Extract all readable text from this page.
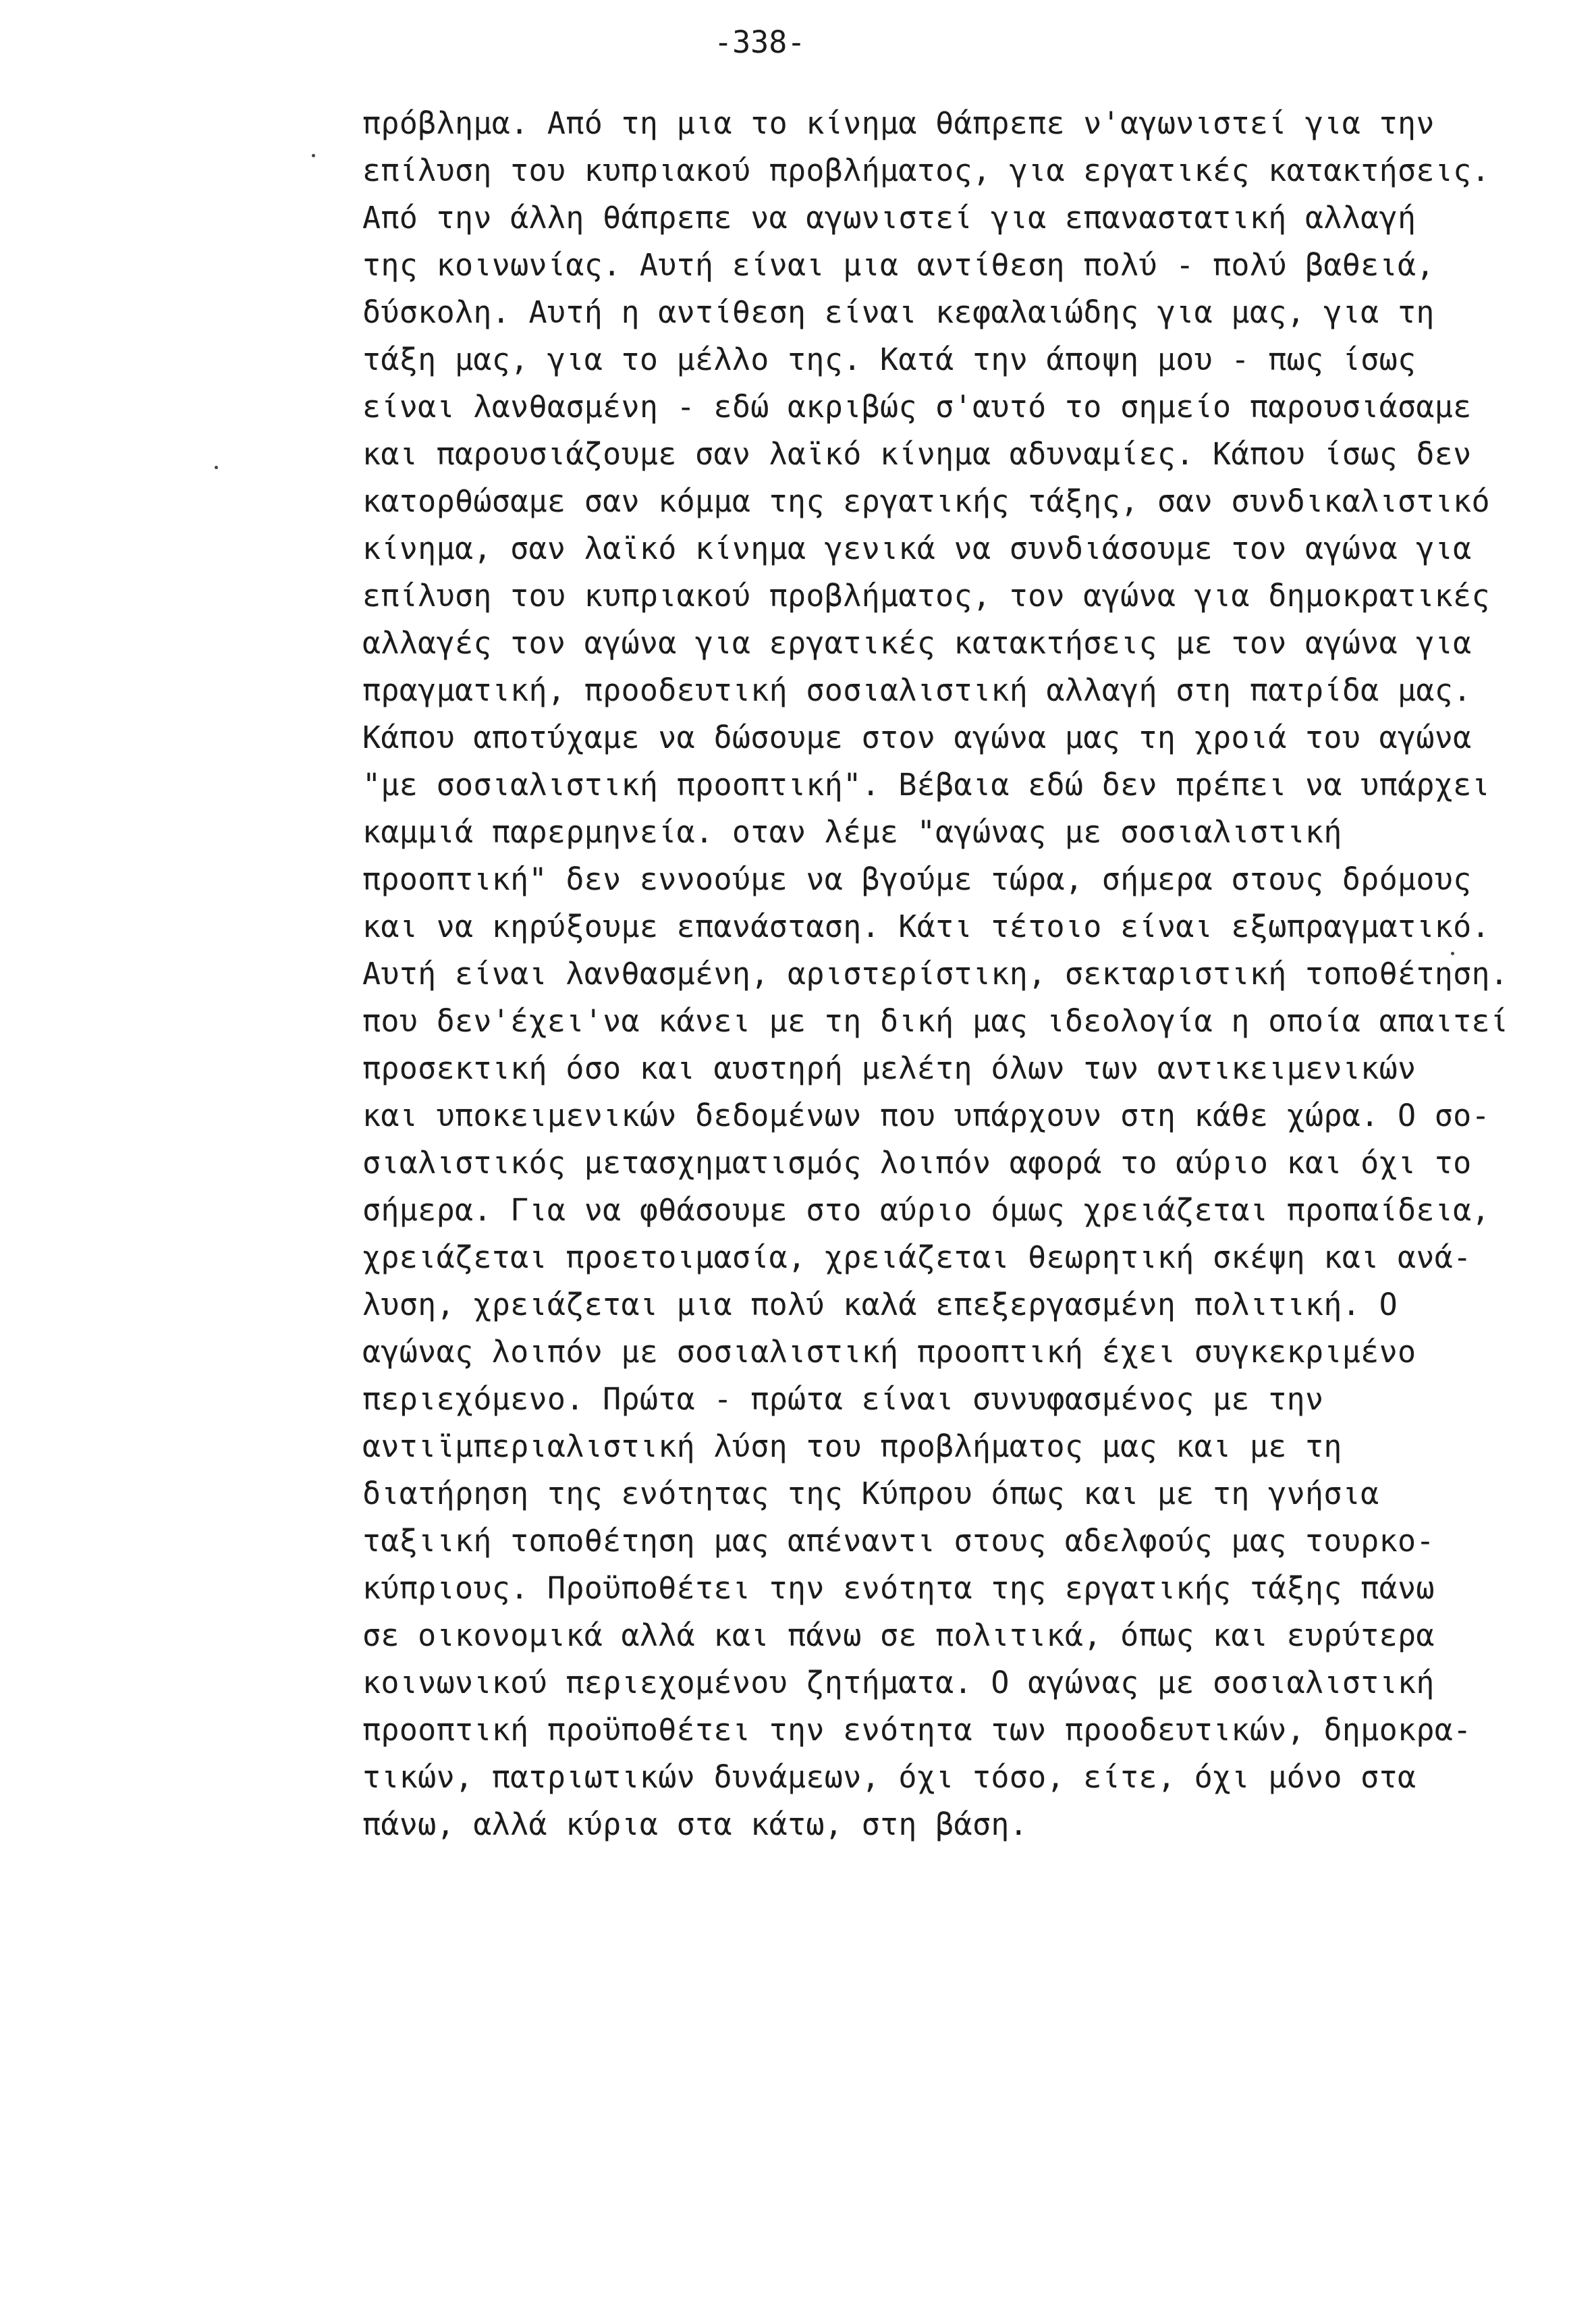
-338-
πρόβλημα. Από τη μια το κίνημα θάπρεπε ν'αγωνιστεί για την
επίλυση του κυπριακού προβλήματος, για εργατικές κατακτήσεις.
Από την άλλη θάπρεπε να αγωνιστεί για επαναστατική αλλαγή
της κοινωνίας. Αυτή είναι μια αντίθεση πολύ - πολύ βαθειά,
δύσκολη. Αυτή η αντίθεση είναι κεφαλαιώδης για μας, για τη
τάξη μας, για το μέλλο της. Κατά την άποψη μου - πως ίσως
είναι λανθασμένη - εδώ ακριβώς σ'αυτό το σημείο παρουσιάσαμε
και παρουσιάζουμε σαν λαϊκό κίνημα αδυναμίες. Κάπου ίσως δεν
κατορθώσαμε σαν κόμμα της εργατικής τάξης, σαν συνδικαλιστικό
κίνημα, σαν λαϊκό κίνημα γενικά να συνδιάσουμε τον αγώνα για
επίλυση του κυπριακού προβλήματος, τον αγώνα για δημοκρατικές
αλλαγές τον αγώνα για εργατικές κατακτήσεις με τον αγώνα για
πραγματική, προοδευτική σοσιαλιστική αλλαγή στη πατρίδα μας.
Κάπου αποτύχαμε να δώσουμε στον αγώνα μας τη χροιά του αγώνα
"με σοσιαλιστική προοπτική". Βέβαια εδώ δεν πρέπει να υπάρχει
καμμιά παρερμηνεία. οταν λέμε "αγώνας με σοσιαλιστική
προοπτική" δεν εννοούμε να βγούμε τώρα, σήμερα στους δρόμους
και να κηρύξουμε επανάσταση. Κάτι τέτοιο είναι εξωπραγματικό.
Αυτή είναι λανθασμένη, αριστερίστικη, σεκταριστική τοποθέτηση.
που δεν'έχει'να κάνει με τη δική μας ιδεολογία η οποία απαιτεί
προσεκτική όσο και αυστηρή μελέτη όλων των αντικειμενικών
και υποκειμενικών δεδομένων που υπάρχουν στη κάθε χώρα. Ο σο-
σιαλιστικός μετασχηματισμός λοιπόν αφορά το αύριο και όχι το
σήμερα. Για να φθάσουμε στο αύριο όμως χρειάζεται προπαίδεια,
χρειάζεται προετοιμασία, χρειάζεται θεωρητική σκέψη και ανά-
λυση, χρειάζεται μια πολύ καλά επεξεργασμένη πολιτική. Ο
αγώνας λοιπόν με σοσιαλιστική προοπτική έχει συγκεκριμένο
περιεχόμενο. Πρώτα - πρώτα είναι συνυφασμένος με την
αντιϊμπεριαλιστική λύση του προβλήματος μας και με τη
διατήρηση της ενότητας της Κύπρου όπως και με τη γνήσια
ταξιική τοποθέτηση μας απέναντι στους αδελφούς μας τουρκο-
κύπριους. Προϋποθέτει την ενότητα της εργατικής τάξης πάνω
σε οικονομικά αλλά και πάνω σε πολιτικά, όπως και ευρύτερα
κοινωνικού περιεχομένου ζητήματα. Ο αγώνας με σοσιαλιστική
προοπτική προϋποθέτει την ενότητα των προοδευτικών, δημοκρα-
τικών, πατριωτικών δυνάμεων, όχι τόσο, είτε, όχι μόνο στα
πάνω, αλλά κύρια στα κάτω, στη βάση.
